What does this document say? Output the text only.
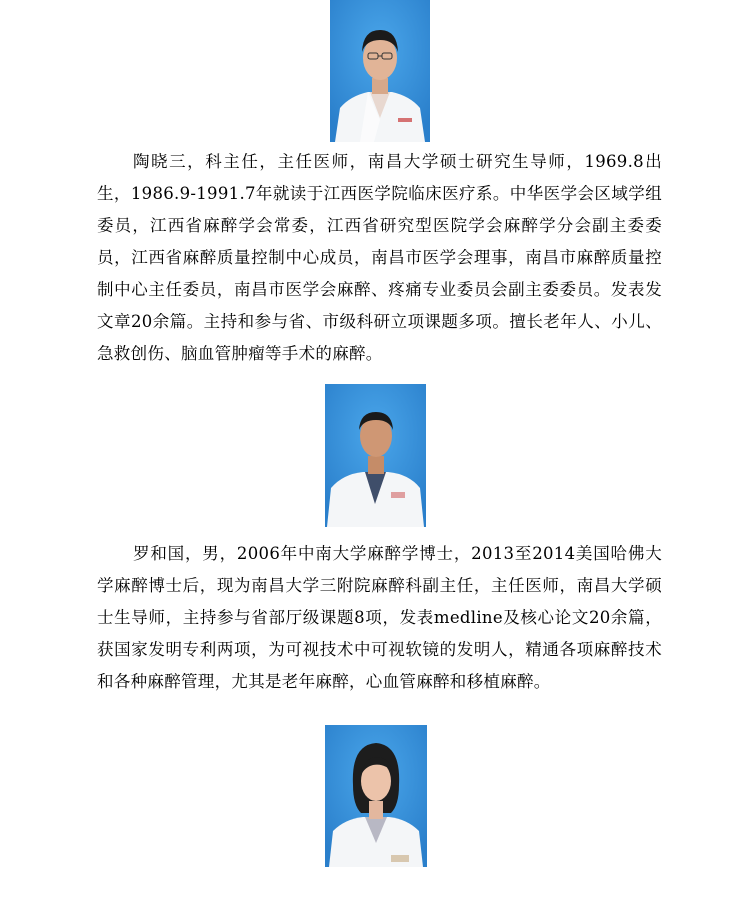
陶晓三，科主任，主任医师，南昌大学硕士研究生导师，1969.8出生，1986.9-1991.7年就读于江西医学院临床医疗系。中华医学会区域学组委员，江西省麻醉学会常委，江西省研究型医院学会麻醉学分会副主委委员，江西省麻醉质量控制中心成员，南昌市医学会理事，南昌市麻醉质量控制中心主任委员，南昌市医学会麻醉、疼痛专业委员会副主委委员。发表发文章20余篇。主持和参与省、市级科研立项课题多项。擅长老年人、小儿、急救创伤、脑血管肿瘤等手术的麻醉。

罗和国，男，2006年中南大学麻醉学博士，2013至2014美国哈佛大学麻醉博士后，现为南昌大学三附院麻醉科副主任，主任医师，南昌大学硕士生导师，主持参与省部厅级课题8项，发表medline及核心论文20余篇，获国家发明专利两项，为可视技术中可视软镜的发明人，精通各项麻醉技术和各种麻醉管理，尤其是老年麻醉，心血管麻醉和移植麻醉。
